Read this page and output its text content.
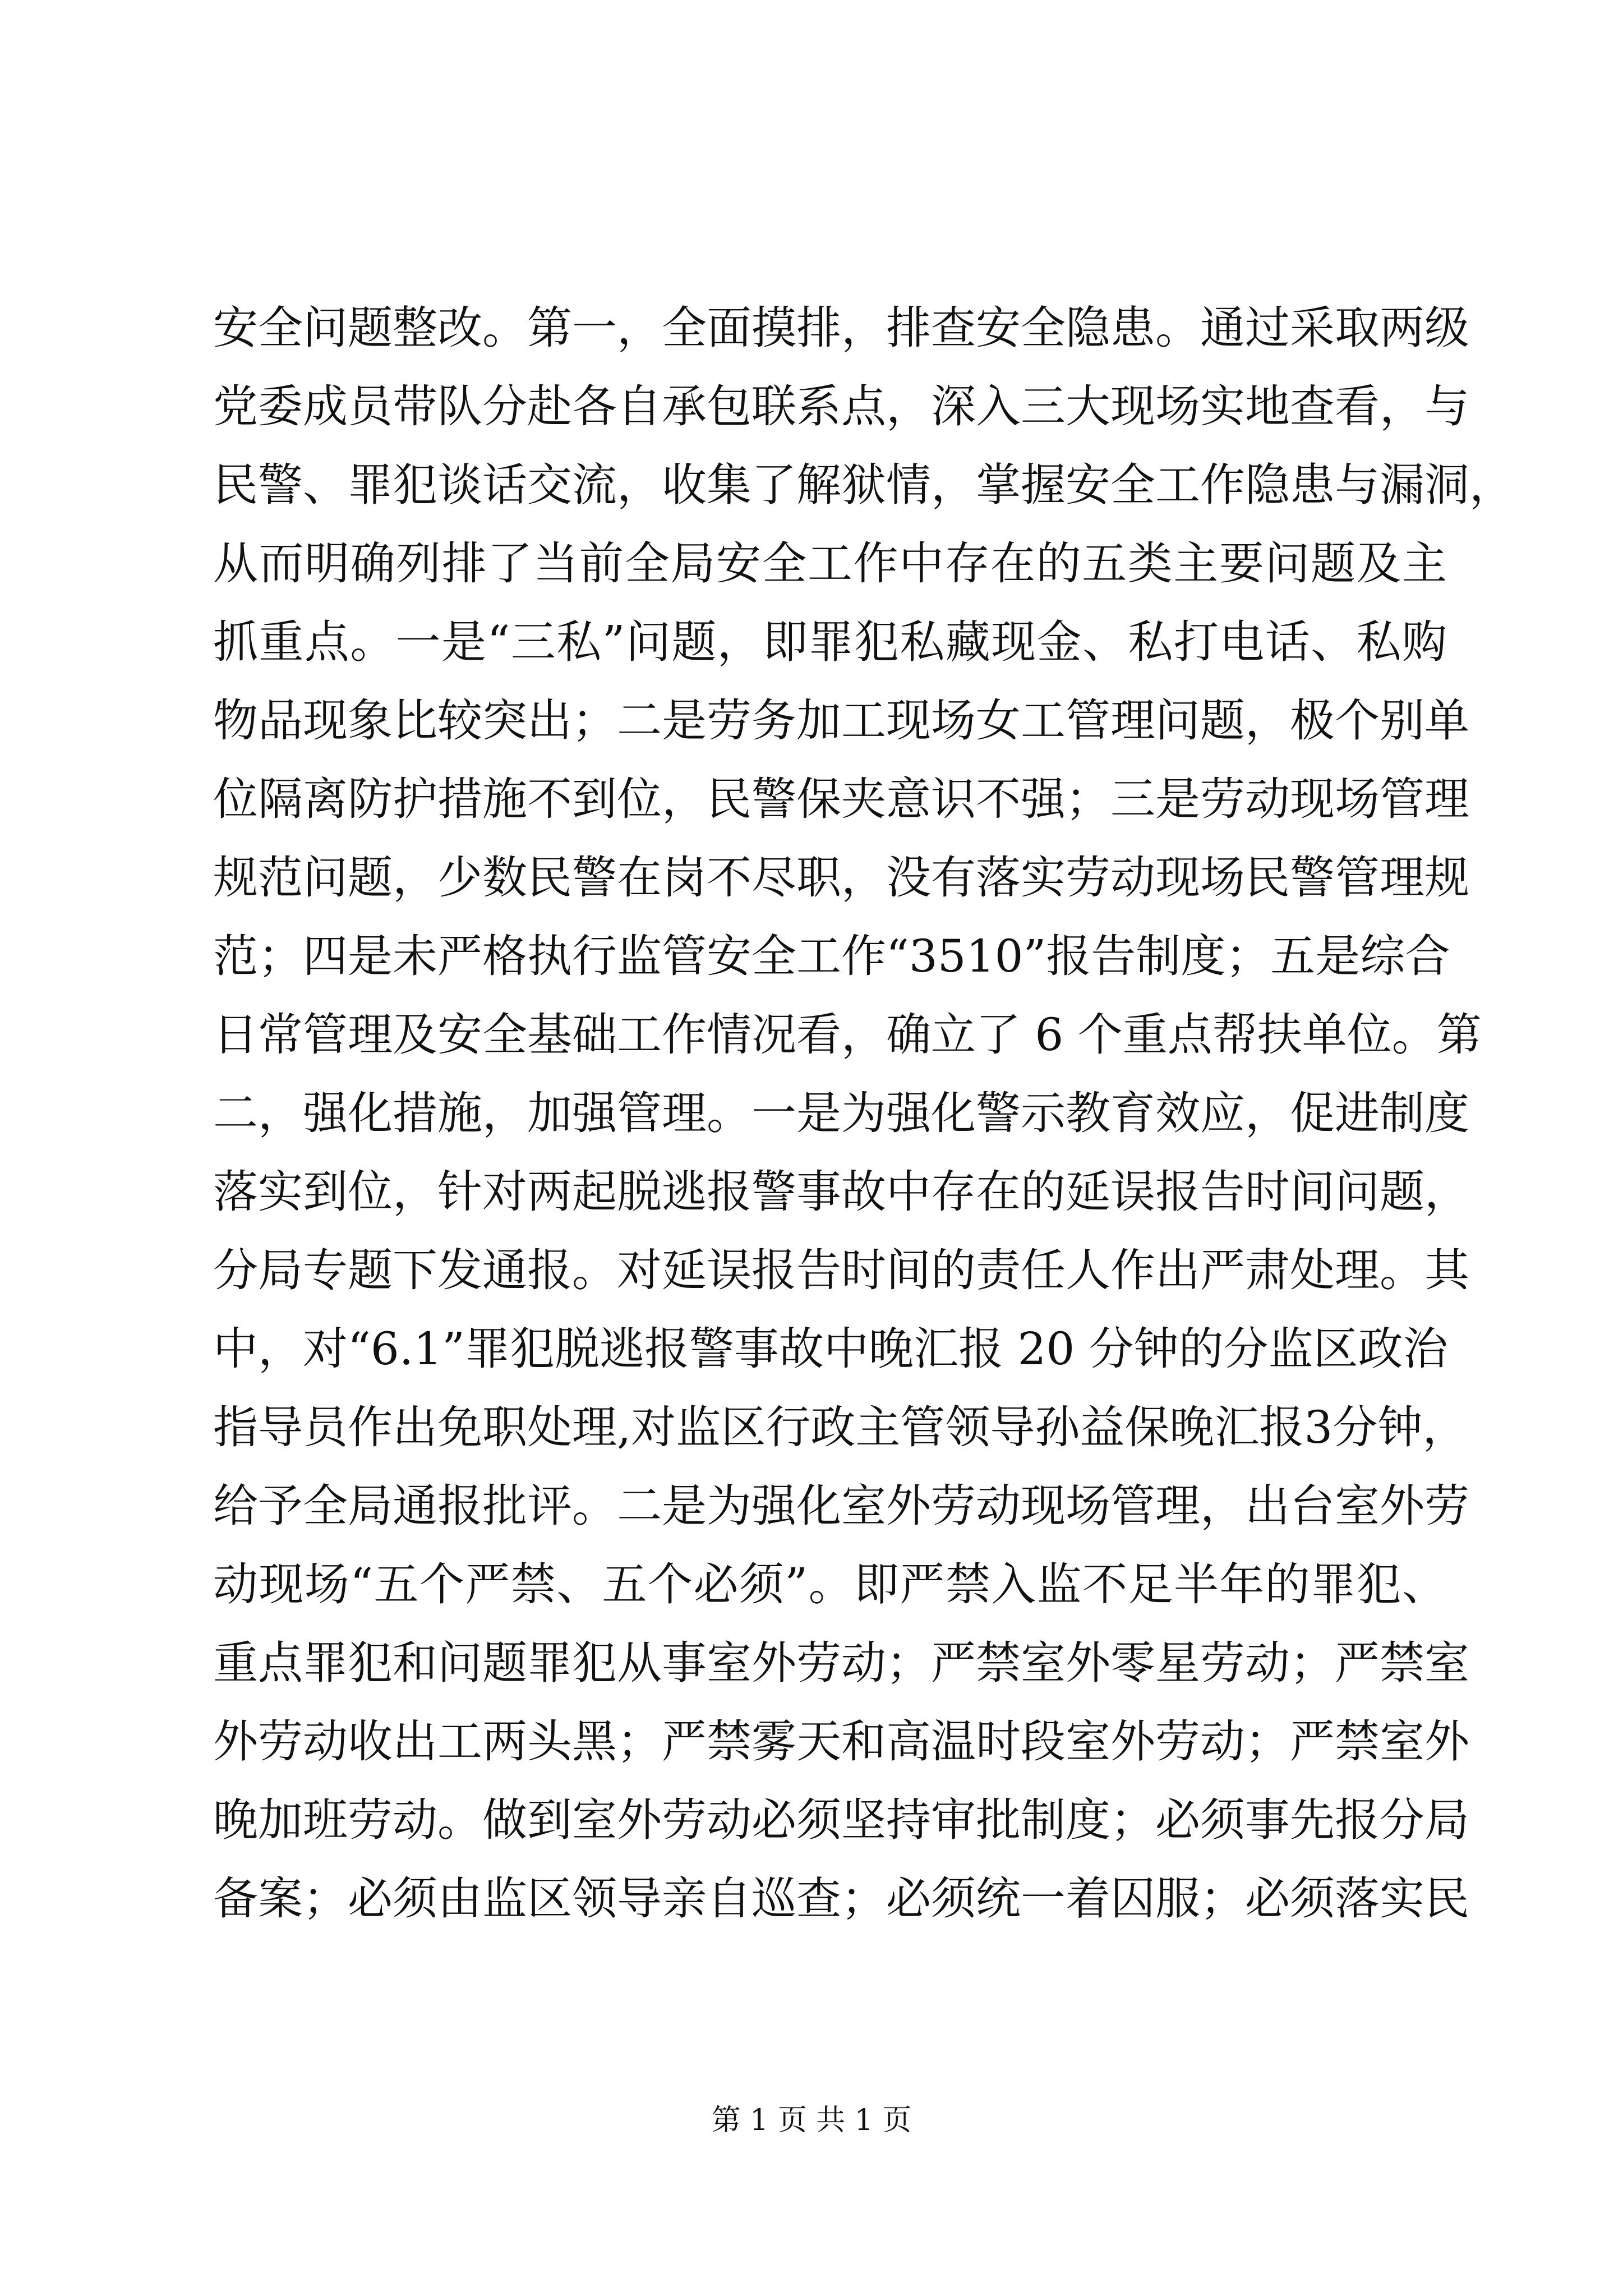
安全问题整改。第一，全面摸排，排查安全隐患。通过采取两级
党委成员带队分赴各自承包联系点，深入三大现场实地查看，与
民警、罪犯谈话交流，收集了解狱情，掌握安全工作隐患与漏洞，
从而明确列排了当前全局安全工作中存在的五类主要问题及主
抓重点。一是“三私”问题，即罪犯私藏现金、私打电话、私购
物品现象比较突出；二是劳务加工现场女工管理问题，极个别单
位隔离防护措施不到位，民警保夹意识不强；三是劳动现场管理
规范问题，少数民警在岗不尽职，没有落实劳动现场民警管理规
范；四是未严格执行监管安全工作“3510”报告制度；五是综合
日常管理及安全基础工作情况看，确立了 6 个重点帮扶单位。第
二，强化措施，加强管理。一是为强化警示教育效应，促进制度
落实到位，针对两起脱逃报警事故中存在的延误报告时间问题，
分局专题下发通报。对延误报告时间的责任人作出严肃处理。其
中，对“6.1”罪犯脱逃报警事故中晚汇报 20 分钟的分监区政治
指导员作出免职处理,对监区行政主管领导孙益保晚汇报3分钟，
给予全局通报批评。二是为强化室外劳动现场管理，出台室外劳
动现场“五个严禁、五个必须”。即严禁入监不足半年的罪犯、
重点罪犯和问题罪犯从事室外劳动；严禁室外零星劳动；严禁室
外劳动收出工两头黑；严禁雾天和高温时段室外劳动；严禁室外
晚加班劳动。做到室外劳动必须坚持审批制度；必须事先报分局
备案；必须由监区领导亲自巡查；必须统一着囚服；必须落实民
第 1 页 共 1 页
